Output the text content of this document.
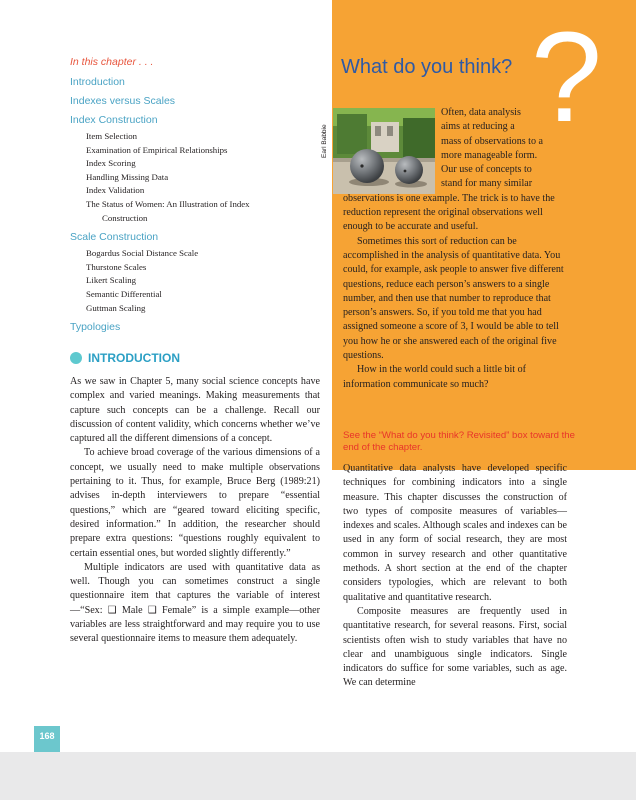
?
What do you think?
Earl Babbie
Often, data analysis
aims at reducing a
mass of observations to a
more manageable form.
Our use of concepts to
stand for many similar

observations is one example. The trick is to have the reduction represent the original observations well enough to be accurate and useful.

Sometimes this sort of reduction can be accomplished in the analysis of quantitative data. You could, for example, ask people to answer five different questions, reduce each person’s answers to a single number, and then use that number to reproduce that person’s answers. So, if you told me that you had assigned someone a score of 3, I would be able to tell you how he or she answered each of the original five questions.

How in the world could such a little bit of information communicate so much?

See the “What do you think? Revisited” box toward the end of the chapter.
In this chapter . . .
Introduction
Indexes versus Scales
Index Construction
Item Selection
Examination of Empirical Relationships
Index Scoring
Handling Missing Data
Index Validation
The Status of Women: An Illustration of Index
Construction
Scale Construction
Bogardus Social Distance Scale
Thurstone Scales
Likert Scaling
Semantic Differential
Guttman Scaling
Typologies
INTRODUCTION

As we saw in Chapter 5, many social science concepts have complex and varied meanings. Making measurements that capture such concepts can be a challenge. Recall our discussion of content validity, which concerns whether we’ve captured all the different dimensions of a concept.

To achieve broad coverage of the various dimensions of a concept, we usually need to make multiple observations pertaining to it. Thus, for example, Bruce Berg (1989:21) advises in-depth interviewers to prepare “essential questions,” which are “geared toward eliciting specific, desired information.” In addition, the researcher should prepare extra questions: “questions roughly equivalent to certain essential ones, but worded slightly differently.”

Multiple indicators are used with quantitative data as well. Though you can sometimes construct a single questionnaire item that captures the variable of interest—“Sex: ❑ Male ❑ Female” is a simple example—other variables are less straightforward and may require you to use several questionnaire items to measure them adequately.

Quantitative data analysts have developed specific techniques for combining indicators into a single measure. This chapter discusses the construction of two types of composite measures of variables—indexes and scales. Although scales and indexes can be used in any form of social research, they are most common in survey research and other quantitative methods. A short section at the end of the chapter considers typologies, which are relevant to both qualitative and quantitative research.

Composite measures are frequently used in quantitative research, for several reasons. First, social scientists often wish to study variables that have no clear and unambiguous single indicators. Single indicators do suffice for some variables, such as age. We can determine

168
